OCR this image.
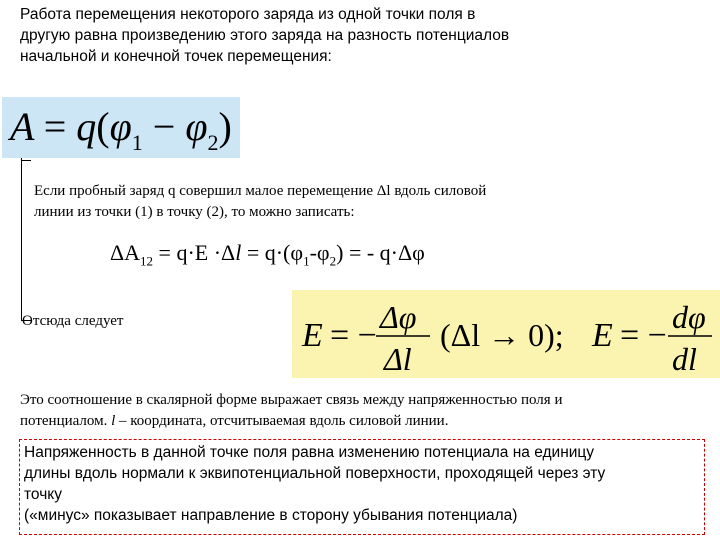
Работа перемещения некоторого заряда из одной точки поля в
другую равна произведению этого заряда на разность потенциалов
начальной и конечной точек перемещения:
$A = q(\varphi_1 - \varphi_2)$
Если пробный заряд q совершил малое перемещение Δl вдоль силовой
линии из точки (1) в точку (2), то можно записать:
$\Delta A_{12} = q\cdot E \cdot\Delta l = q\cdot(\varphi_1-\varphi_2)$ = - q·Δφ
Отсюда следует	E = − Δφ
Δl
(Δl → 0); E = − dφ
dl
Это соотношение в скалярной форме выражает связь между напряженностью поля и
потенциалом. l – координата, отсчитываемая вдоль силовой линии.
Напряженность в данной точке поля равна изменению потенциала на единицу
длины вдоль нормали к эквипотенциальной поверхности, проходящей через эту
точку
(«минус» показывает направление в сторону убывания потенциала)
